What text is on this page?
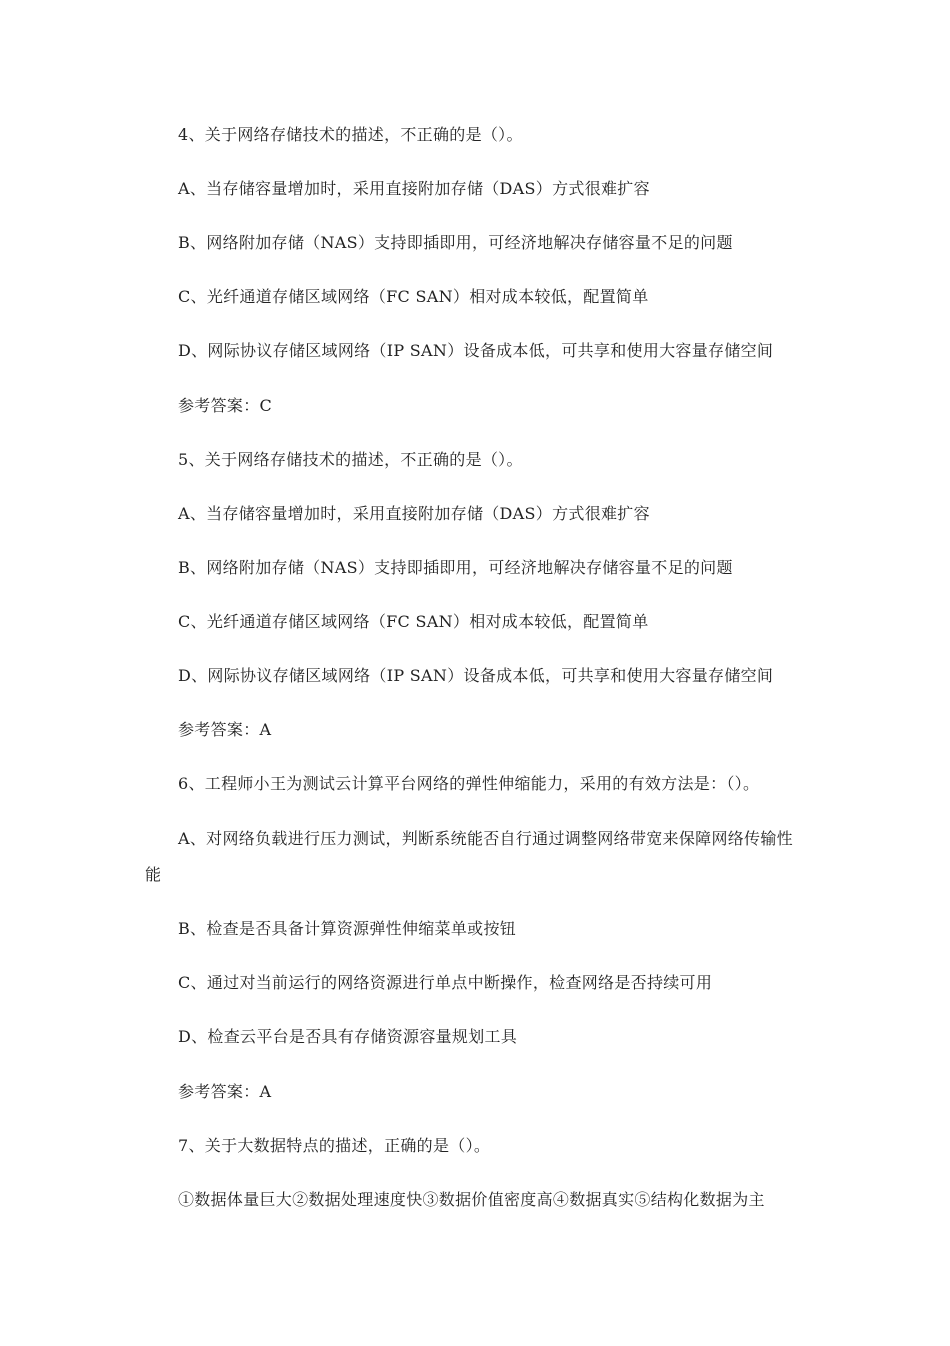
4、关于网络存储技术的描述，不正确的是（）。
A、当存储容量增加时，采用直接附加存储（DAS）方式很难扩容
B、网络附加存储（NAS）支持即插即用，可经济地解决存储容量不足的问题
C、光纤通道存储区域网络（FC SAN）相对成本较低，配置简单
D、网际协议存储区域网络（IP SAN）设备成本低，可共享和使用大容量存储空间
参考答案：C
5、关于网络存储技术的描述，不正确的是（）。
A、当存储容量增加时，采用直接附加存储（DAS）方式很难扩容
B、网络附加存储（NAS）支持即插即用，可经济地解决存储容量不足的问题
C、光纤通道存储区域网络（FC SAN）相对成本较低，配置简单
D、网际协议存储区域网络（IP SAN）设备成本低，可共享和使用大容量存储空间
参考答案：A
6、工程师小王为测试云计算平台网络的弹性伸缩能力，采用的有效方法是：（）。
A、对网络负载进行压力测试，判断系统能否自行通过调整网络带宽来保障网络传输性
能
B、检查是否具备计算资源弹性伸缩菜单或按钮
C、通过对当前运行的网络资源进行单点中断操作，检查网络是否持续可用
D、检查云平台是否具有存储资源容量规划工具
参考答案：A
7、关于大数据特点的描述，正确的是（）。
①数据体量巨大②数据处理速度快③数据价值密度高④数据真实⑤结构化数据为主
